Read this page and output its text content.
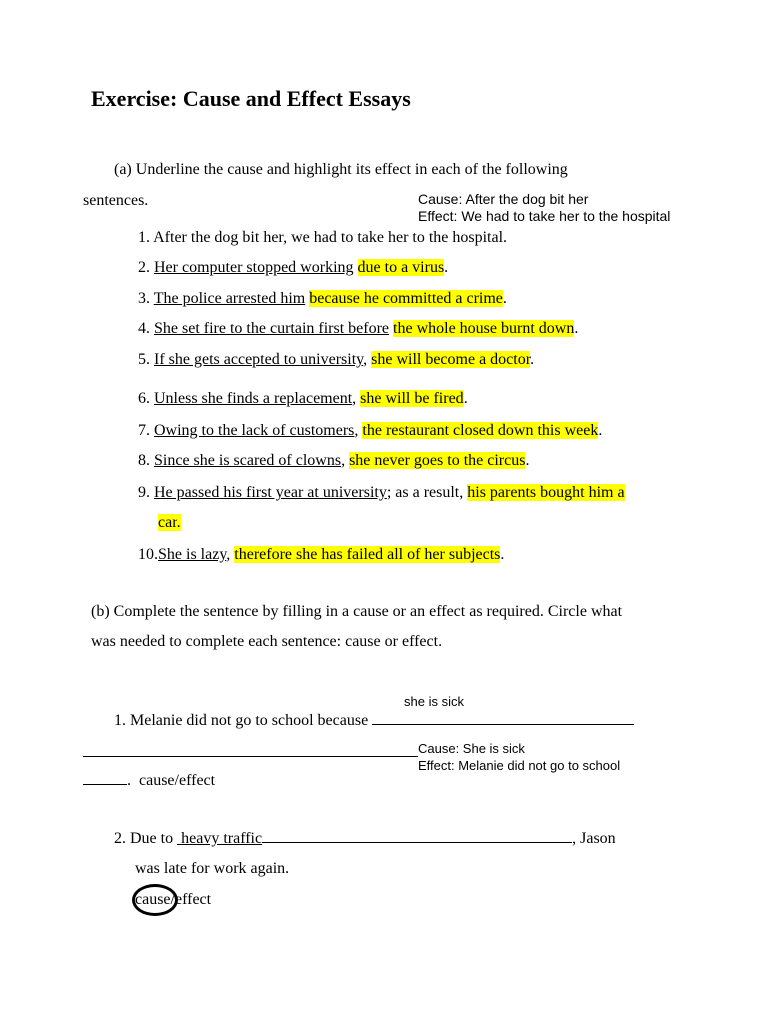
Exercise: Cause and Effect Essays
(a) Underline the cause and highlight its effect in each of the following
sentences.	Cause: After the dog bit her
Effect: We had to take her to the hospital
1. After the dog bit her, we had to take her to the hospital.
2. Her computer stopped working due to a virus.
3. The police arrested him because he committed a crime.
4. She set fire to the curtain first before the whole house burnt down.
5. If she gets accepted to university, she will become a doctor.
6. Unless she finds a replacement, she will be fired.
7. Owing to the lack of customers, the restaurant closed down this week.
8. Since she is scared of clowns, she never goes to the circus.
9. He passed his first year at university; as a result, his parents bought him a
car.
10.She is lazy, therefore she has failed all of her subjects.
(b) Complete the sentence by filling in a cause or an effect as required. Circle what
was needed to complete each sentence: cause or effect.
she is sick
1. Melanie did not go to school because
Cause: She is sick
Effect: Melanie did not go to school
. cause/effect
2. Due to heavy traffic	, Jason
was late for work again.
cause/effect
